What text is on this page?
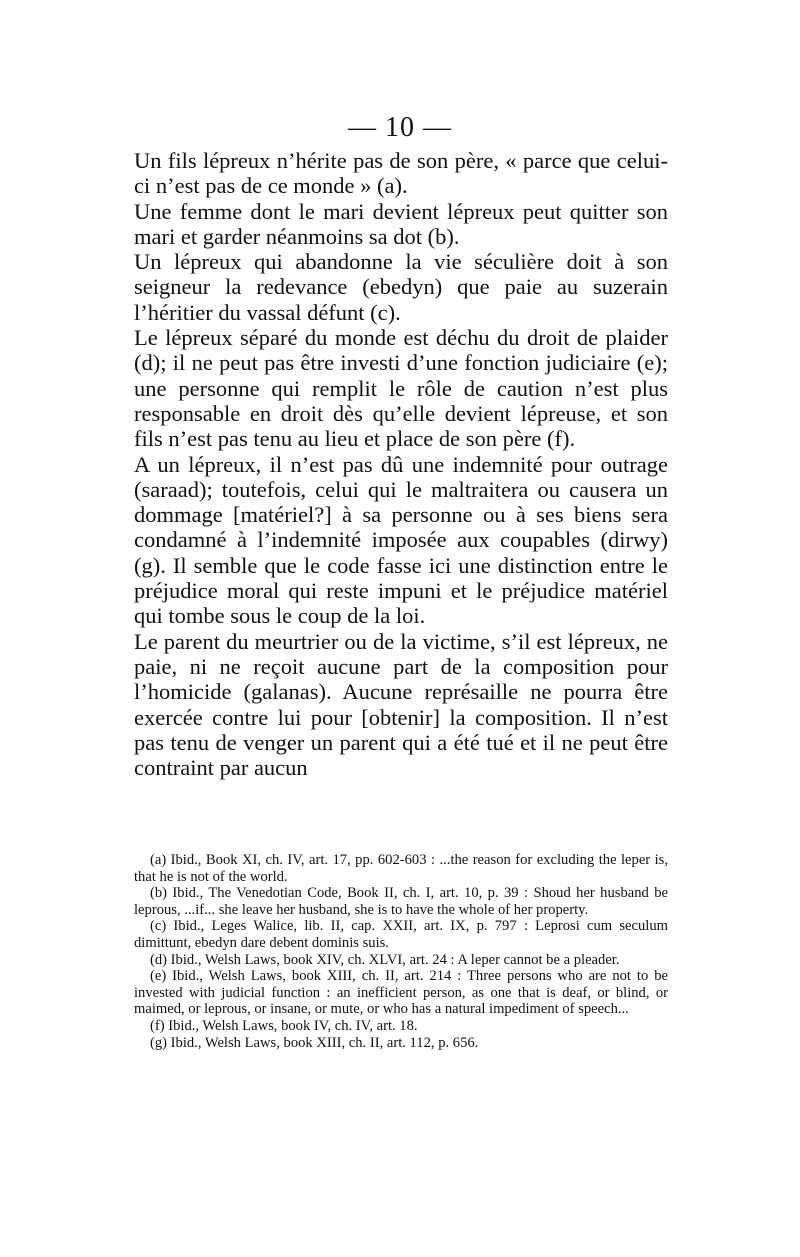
— 10 —

Un fils lépreux n’hérite pas de son père, « parce que celui-ci n’est pas de ce monde » (a).

Une femme dont le mari devient lépreux peut quitter son mari et garder néanmoins sa dot (b).

Un lépreux qui abandonne la vie séculière doit à son seigneur la redevance (ebedyn) que paie au suzerain l’héritier du vassal défunt (c).

Le lépreux séparé du monde est déchu du droit de plaider (d); il ne peut pas être investi d’une fonction judiciaire (e); une personne qui remplit le rôle de caution n’est plus responsable en droit dès qu’elle devient lépreuse, et son fils n’est pas tenu au lieu et place de son père (f).

A un lépreux, il n’est pas dû une indemnité pour outrage (saraad); toutefois, celui qui le maltraitera ou causera un dommage [matériel?] à sa personne ou à ses biens sera condamné à l’indemnité imposée aux coupables (dirwy) (g). Il semble que le code fasse ici une distinction entre le préjudice moral qui reste impuni et le préjudice matériel qui tombe sous le coup de la loi.

Le parent du meurtrier ou de la victime, s’il est lépreux, ne paie, ni ne reçoit aucune part de la composition pour l’homicide (galanas). Aucune représaille ne pourra être exercée contre lui pour [obtenir] la composition. Il n’est pas tenu de venger un parent qui a été tué et il ne peut être contraint par aucun

(a) Ibid., Book XI, ch. IV, art. 17, pp. 602-603 : ...the reason for excluding the leper is, that he is not of the world.

(b) Ibid., The Venedotian Code, Book II, ch. I, art. 10, p. 39 : Shoud her husband be leprous, ...if... she leave her husband, she is to have the whole of her property.

(c) Ibid., Leges Walice, lib. II, cap. XXII, art. IX, p. 797 : Leprosi cum seculum dimittunt, ebedyn dare debent dominis suis.

(d) Ibid., Welsh Laws, book XIV, ch. XLVI, art. 24 : A leper cannot be a pleader.

(e) Ibid., Welsh Laws, book XIII, ch. II, art. 214 : Three persons who are not to be invested with judicial function : an inefficient person, as one that is deaf, or blind, or maimed, or leprous, or insane, or mute, or who has a natural impediment of speech...

(f) Ibid., Welsh Laws, book IV, ch. IV, art. 18.

(g) Ibid., Welsh Laws, book XIII, ch. II, art. 112, p. 656.
